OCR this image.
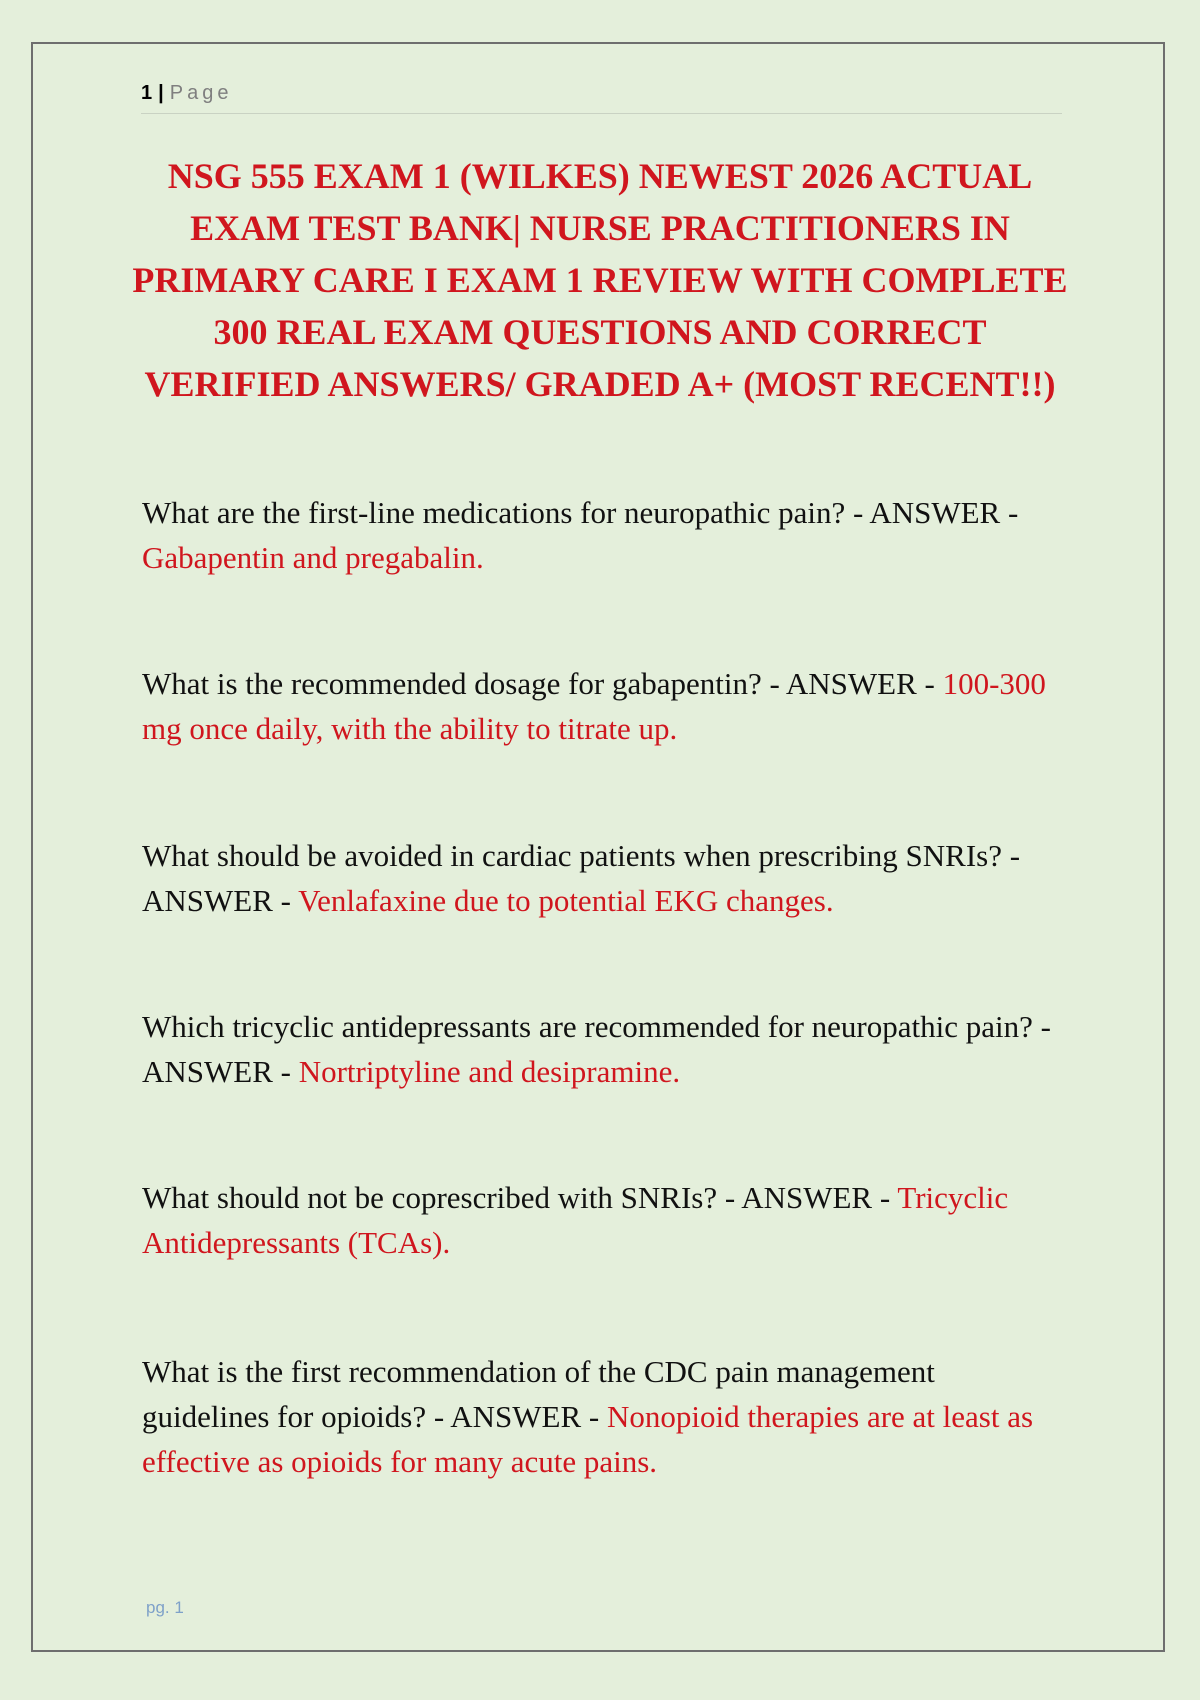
1 | Page
NSG 555 EXAM 1 (WILKES) NEWEST 2026 ACTUAL EXAM TEST BANK| NURSE PRACTITIONERS IN PRIMARY CARE I EXAM 1 REVIEW WITH COMPLETE 300 REAL EXAM QUESTIONS AND CORRECT VERIFIED ANSWERS/ GRADED A+ (MOST RECENT!!)

What are the first-line medications for neuropathic pain? - ANSWER - Gabapentin and pregabalin.

What is the recommended dosage for gabapentin? - ANSWER - 100-300 mg once daily, with the ability to titrate up.

What should be avoided in cardiac patients when prescribing SNRIs? - ANSWER - Venlafaxine due to potential EKG changes.

Which tricyclic antidepressants are recommended for neuropathic pain? - ANSWER - Nortriptyline and desipramine.

What should not be coprescribed with SNRIs? - ANSWER - Tricyclic Antidepressants (TCAs).

What is the first recommendation of the CDC pain management guidelines for opioids? - ANSWER - Nonopioid therapies are at least as effective as opioids for many acute pains.

pg. 1
